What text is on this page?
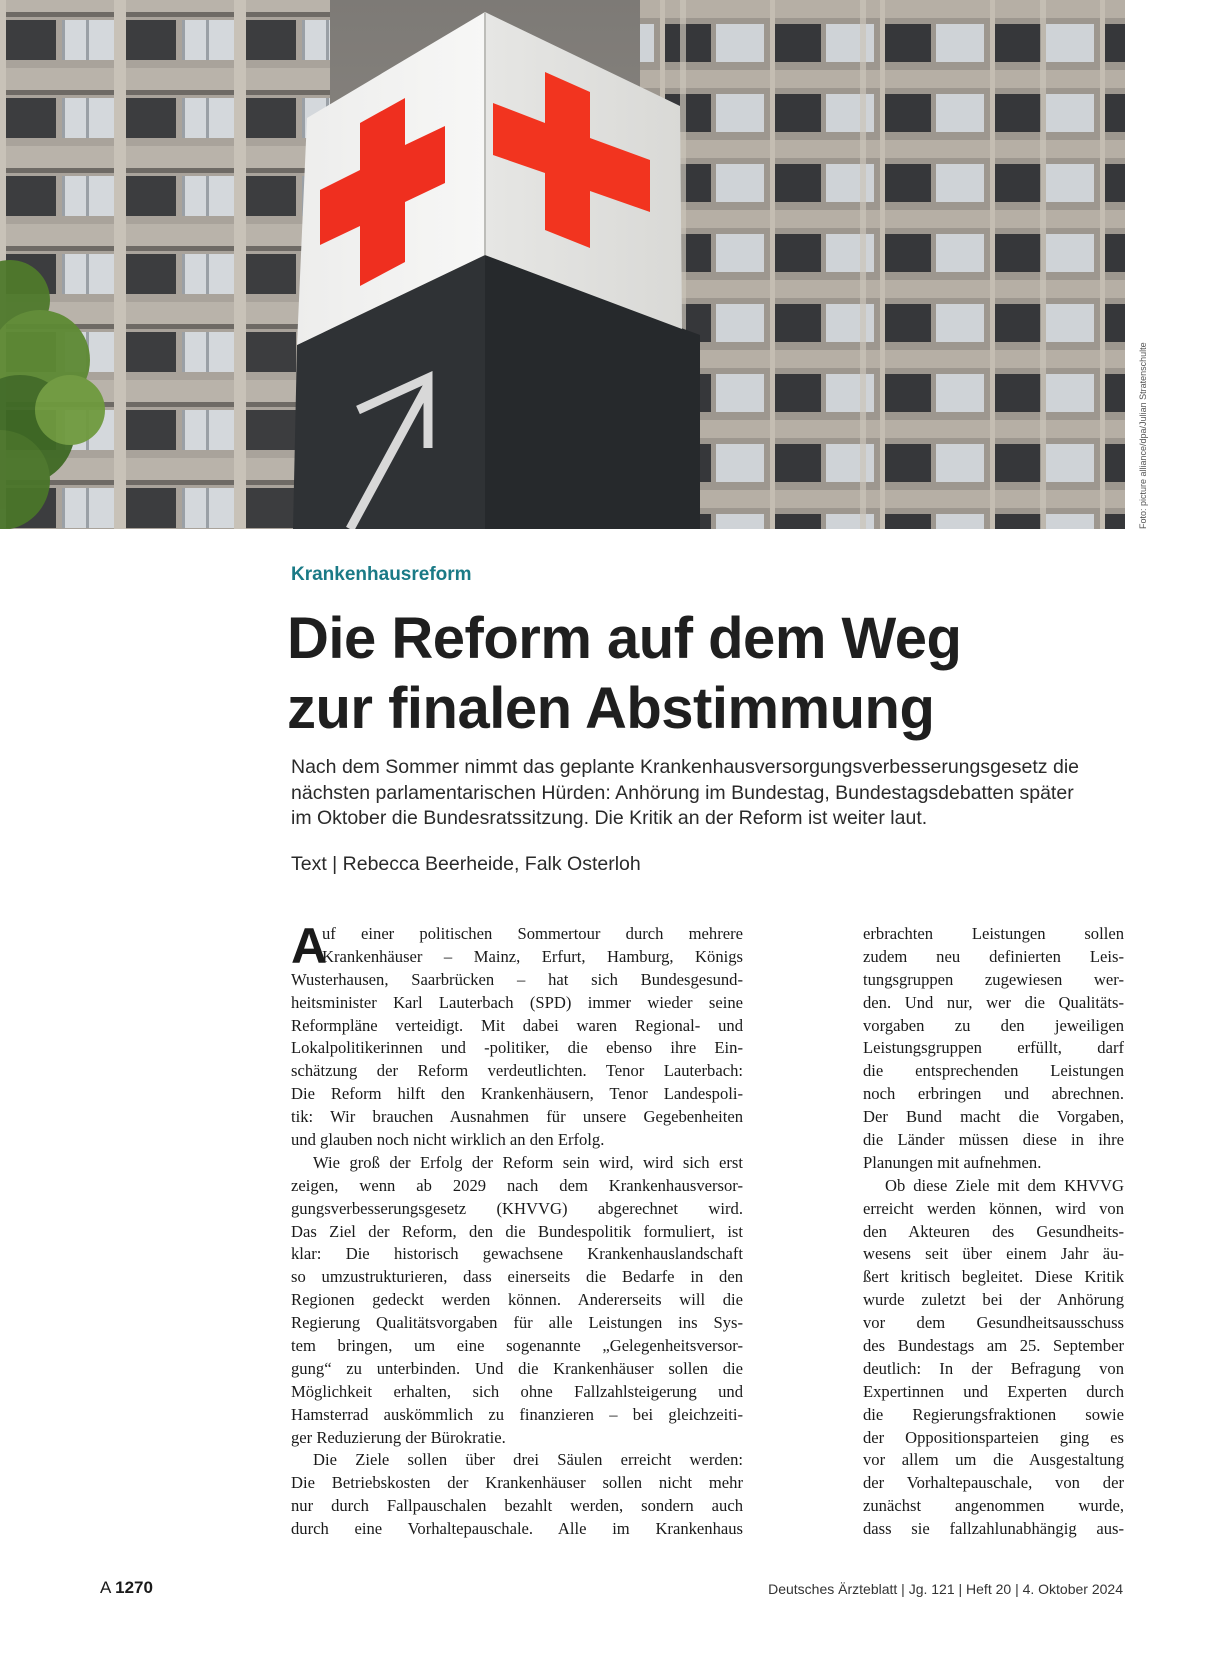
Foto: picture alliance/dpa/Julian Stratenschulte
Krankenhausreform
Die Reform auf dem Weg
zur finalen Abstimmung

Nach dem Sommer nimmt das geplante Krankenhausversorgungsverbesserungsgesetz die
nächsten parlamentarischen Hürden: Anhörung im Bundestag, Bundestagsdebatten später
im Oktober die Bundesratssitzung. Die Kritik an der Reform ist weiter laut.

Text | Rebecca Beerheide, Falk Osterloh
A
uf einer politischen Sommertour durch mehrere
Krankenhäuser – Mainz, Erfurt, Hamburg, Königs
Wusterhausen, Saarbrücken – hat sich Bundesgesund-
heitsminister Karl Lauterbach (SPD) immer wieder seine
Reformpläne verteidigt. Mit dabei waren Regional- und
Lokalpolitikerinnen und -politiker, die ebenso ihre Ein-
schätzung der Reform verdeutlichten. Tenor Lauterbach:
Die Reform hilft den Krankenhäusern, Tenor Landespoli-
tik: Wir brauchen Ausnahmen für unsere Gegebenheiten
und glauben noch nicht wirklich an den Erfolg.
Wie groß der Erfolg der Reform sein wird, wird sich erst
zeigen, wenn ab 2029 nach dem Krankenhausversor-
gungsverbesserungsgesetz (KHVVG) abgerechnet wird.
Das Ziel der Reform, den die Bundespolitik formuliert, ist
klar: Die historisch gewachsene Krankenhauslandschaft
so umzustrukturieren, dass einerseits die Bedarfe in den
Regionen gedeckt werden können. Andererseits will die
Regierung Qualitätsvorgaben für alle Leistungen ins Sys-
tem bringen, um eine sogenannte „Gelegenheitsversor-
gung“ zu unterbinden. Und die Krankenhäuser sollen die
Möglichkeit erhalten, sich ohne Fallzahlsteigerung und
Hamsterrad auskömmlich zu finanzieren – bei gleichzeiti-
ger Reduzierung der Bürokratie.
Die Ziele sollen über drei Säulen erreicht werden:
Die Betriebskosten der Krankenhäuser sollen nicht mehr
nur durch Fallpauschalen bezahlt werden, sondern auch
durch eine Vorhaltepauschale. Alle im Krankenhaus
erbrachten Leistungen sollen
zudem neu definierten Leis-
tungsgruppen zugewiesen wer-
den. Und nur, wer die Qualitäts-
vorgaben zu den jeweiligen
Leistungsgruppen erfüllt, darf
die entsprechenden Leistungen
noch erbringen und abrechnen.
Der Bund macht die Vorgaben,
die Länder müssen diese in ihre
Planungen mit aufnehmen.
Ob diese Ziele mit dem KHVVG
erreicht werden können, wird von
den Akteuren des Gesundheits-
wesens seit über einem Jahr äu-
ßert kritisch begleitet. Diese Kritik
wurde zuletzt bei der Anhörung
vor dem Gesundheitsausschuss
des Bundestags am 25. September
deutlich: In der Befragung von
Expertinnen und Experten durch
die Regierungsfraktionen sowie
der Oppositionsparteien ging es
vor allem um die Ausgestaltung
der Vorhaltepauschale, von der
zunächst angenommen wurde,
dass sie fallzahlunabhängig aus-
A 1270	Deutsches Ärzteblatt | Jg. 121 | Heft 20 | 4. Oktober 2024
